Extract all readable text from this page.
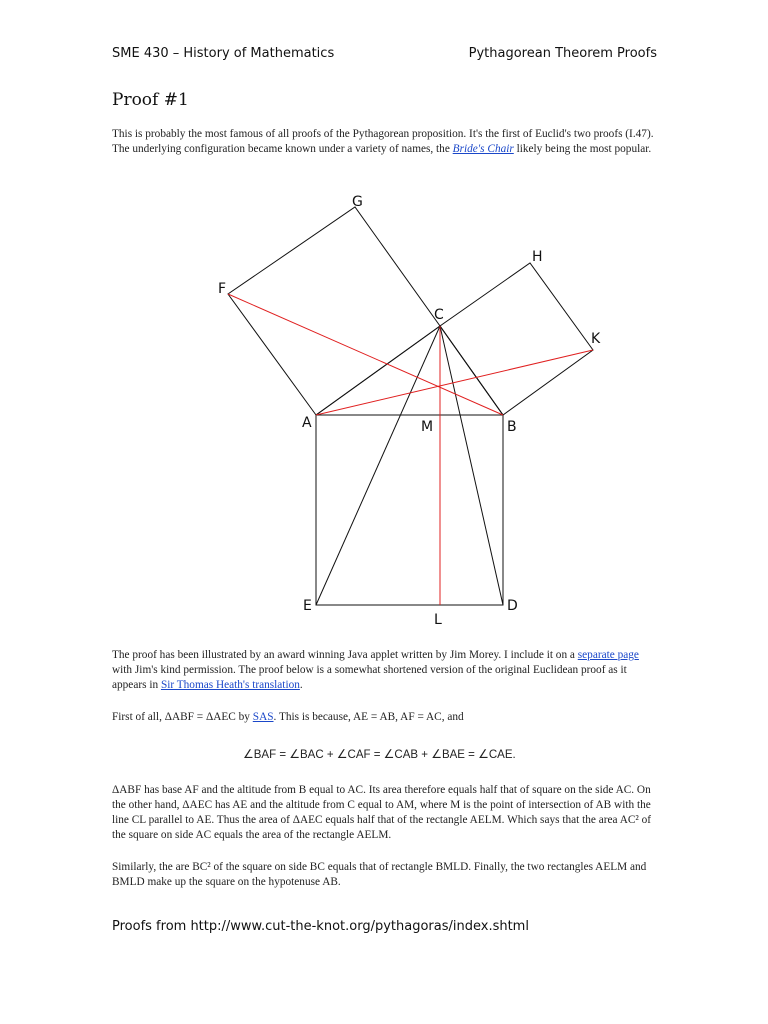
SME 430 – History of Mathematics	Pythagorean Theorem Proofs
Proof #1
This is probably the most famous of all proofs of the Pythagorean proposition. It's the first of Euclid's two proofs (I.47). The underlying configuration became known under a variety of names, the Bride's Chair likely being the most popular.
G
H
F
C
K
A	M	B
E	D
L
The proof has been illustrated by an award winning Java applet written by Jim Morey. I include it on a separate page with Jim's kind permission. The proof below is a somewhat shortened version of the original Euclidean proof as it appears in Sir Thomas Heath's translation.
First of all, ΔABF = ΔAEC by SAS. This is because, AE = AB, AF = AC, and
∠BAF = ∠BAC + ∠CAF = ∠CAB + ∠BAE = ∠CAE.
ΔABF has base AF and the altitude from B equal to AC. Its area therefore equals half that of square on the side AC. On the other hand, ΔAEC has AE and the altitude from C equal to AM, where M is the point of intersection of AB with the line CL parallel to AE. Thus the area of ΔAEC equals half that of the rectangle AELM. Which says that the area AC² of the square on side AC equals the area of the rectangle AELM.
Similarly, the are BC² of the square on side BC equals that of rectangle BMLD. Finally, the two rectangles AELM and BMLD make up the square on the hypotenuse AB.
Proofs from http://www.cut-the-knot.org/pythagoras/index.shtml
